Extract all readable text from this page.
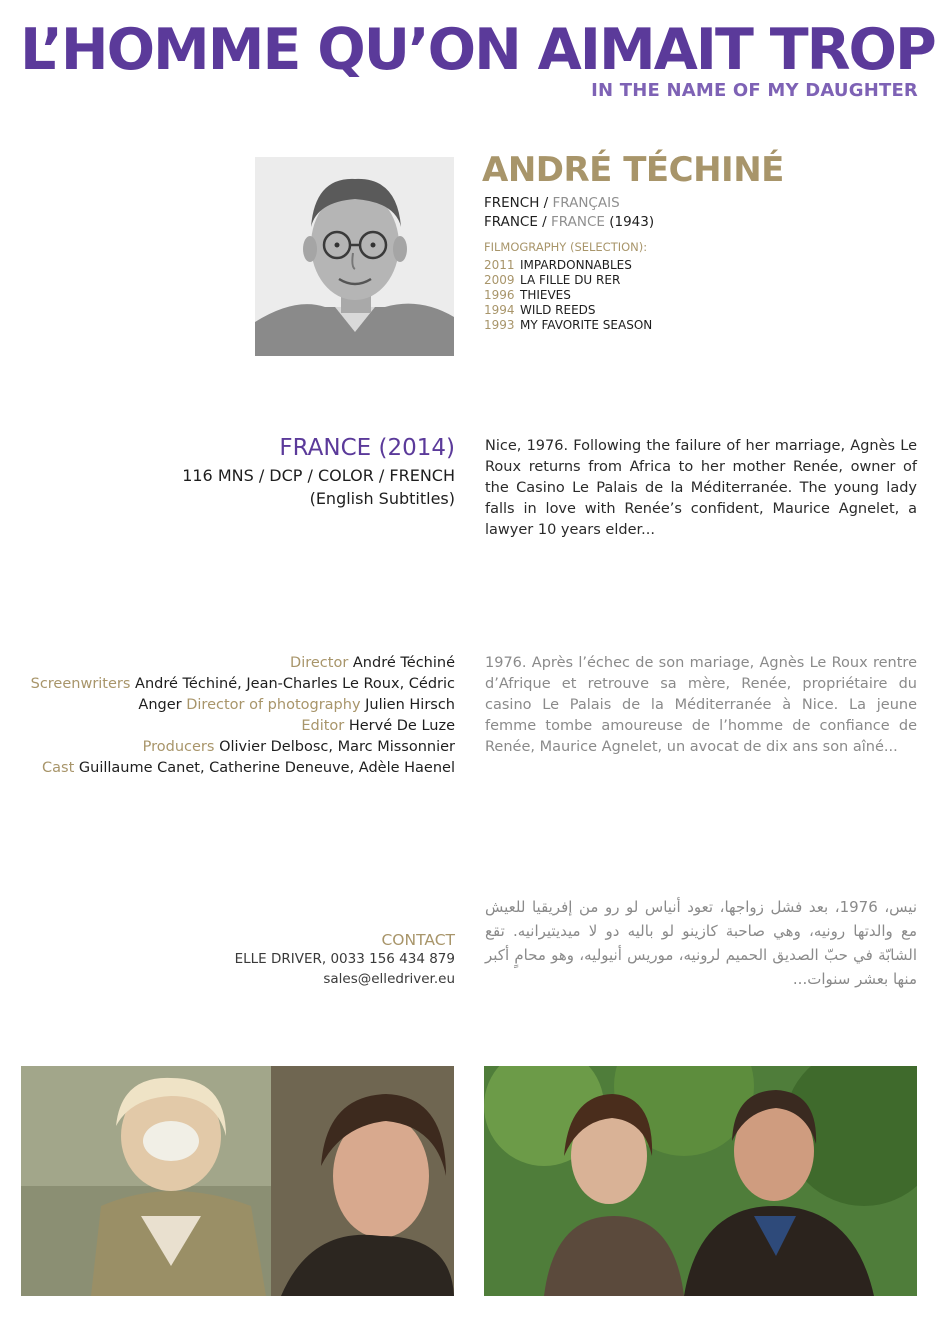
L’HOMME QU’ON AIMAIT TROP
IN THE NAME OF MY DAUGHTER
ANDRÉ TÉCHINÉ
FRENCH / FRANÇAIS
FRANCE / FRANCE (1943)
FILMOGRAPHY (SELECTION):
2011 IMPARDONNABLES
2009 LA FILLE DU RER
1996 THIEVES
1994 WILD REEDS
1993 MY FAVORITE SEASON
FRANCE (2014)
116 MNS / DCP / COLOR / FRENCH
(English Subtitles)
Nice, 1976. Following the failure of her marriage, Agnès Le Roux returns from Africa to her mother Renée, owner of the Casino Le Palais de la Méditerranée. The young lady falls in love with Renée’s confident, Maurice Agnelet, a lawyer 10 years elder...
1976. Après l’échec de son mariage, Agnès Le Roux rentre d’Afrique et retrouve sa mère, Renée, propriétaire du casino Le Palais de la Méditerranée à Nice. La jeune femme tombe amoureuse de l’homme de confiance de Renée, Maurice Agnelet, un avocat de dix ans son aîné...
نيس، 1976، بعد فشل زواجها، تعود أنياس لو رو من إفريقيا للعيش مع والدتها رونيه، وهي صاحبة كازينو لو باليه دو لا ميديتيرانيه. تقع الشابّة في حبّ الصديق الحميم لرونيه، موريس أنيوليه، وهو محامٍ أكبر منها بعشر سنوات...
Director André Téchiné
Screenwriters André Téchiné, Jean-Charles Le Roux, Cédric Anger Director of photography Julien Hirsch
Editor Hervé De Luze
Producers Olivier Delbosc, Marc Missonnier
Cast Guillaume Canet, Catherine Deneuve, Adèle Haenel
CONTACT
ELLE DRIVER, 0033 156 434 879
sales@elledriver.eu
